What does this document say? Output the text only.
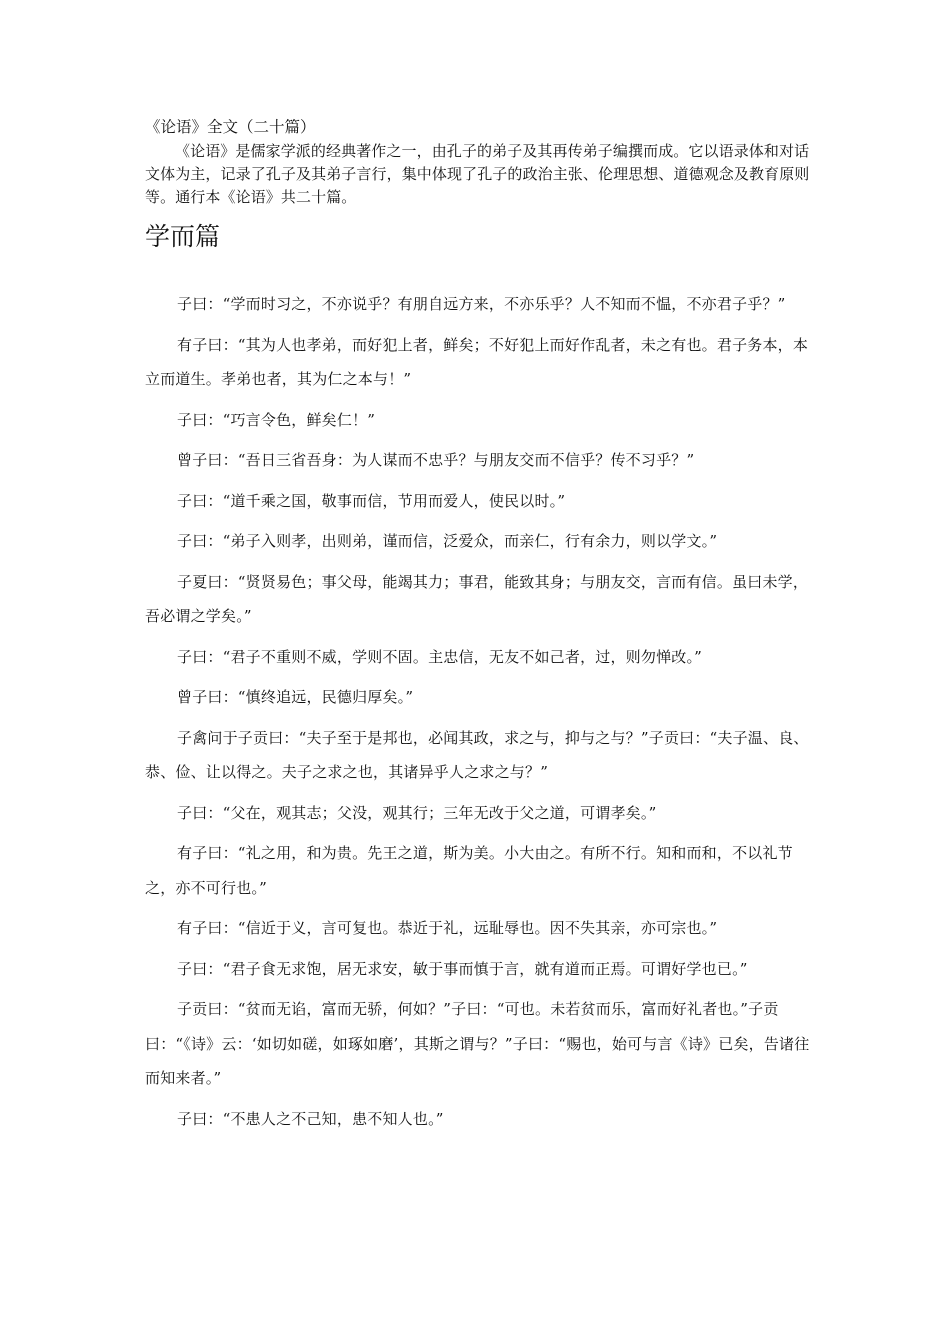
《论语》全文（二十篇）
《论语》是儒家学派的经典著作之一，由孔子的弟子及其再传弟子编撰而成。它以语录体和对话文体为主，记录了孔子及其弟子言行，集中体现了孔子的政治主张、伦理思想、道德观念及教育原则等。通行本《论语》共二十篇。
学而篇

子曰：“学而时习之，不亦说乎？有朋自远方来，不亦乐乎？人不知而不愠，不亦君子乎？”

有子曰：“其为人也孝弟，而好犯上者，鲜矣；不好犯上而好作乱者，未之有也。君子务本，本立而道生。孝弟也者，其为仁之本与！”

子曰：“巧言令色，鲜矣仁！”

曾子曰：“吾日三省吾身：为人谋而不忠乎？与朋友交而不信乎？传不习乎？”

子曰：“道千乘之国，敬事而信，节用而爱人，使民以时。”

子曰：“弟子入则孝，出则弟，谨而信，泛爱众，而亲仁，行有余力，则以学文。”

子夏曰：“贤贤易色；事父母，能竭其力；事君，能致其身；与朋友交，言而有信。虽曰未学，吾必谓之学矣。”

子曰：“君子不重则不威，学则不固。主忠信，无友不如己者，过，则勿惮改。”

曾子曰：“慎终追远，民德归厚矣。”

子禽问于子贡曰：“夫子至于是邦也，必闻其政，求之与，抑与之与？”子贡曰：“夫子温、良、恭、俭、让以得之。夫子之求之也，其诸异乎人之求之与？”

子曰：“父在，观其志；父没，观其行；三年无改于父之道，可谓孝矣。”

有子曰：“礼之用，和为贵。先王之道，斯为美。小大由之。有所不行。知和而和，不以礼节之，亦不可行也。”

有子曰：“信近于义，言可复也。恭近于礼，远耻辱也。因不失其亲，亦可宗也。”

子曰：“君子食无求饱，居无求安，敏于事而慎于言，就有道而正焉。可谓好学也已。”

子贡曰：“贫而无谄，富而无骄，何如？”子曰：“可也。未若贫而乐，富而好礼者也。”子贡曰：“《诗》云：‘如切如磋，如琢如磨’，其斯之谓与？”子曰：“赐也，始可与言《诗》已矣，告诸往而知来者。”

子曰：“不患人之不己知，患不知人也。”
